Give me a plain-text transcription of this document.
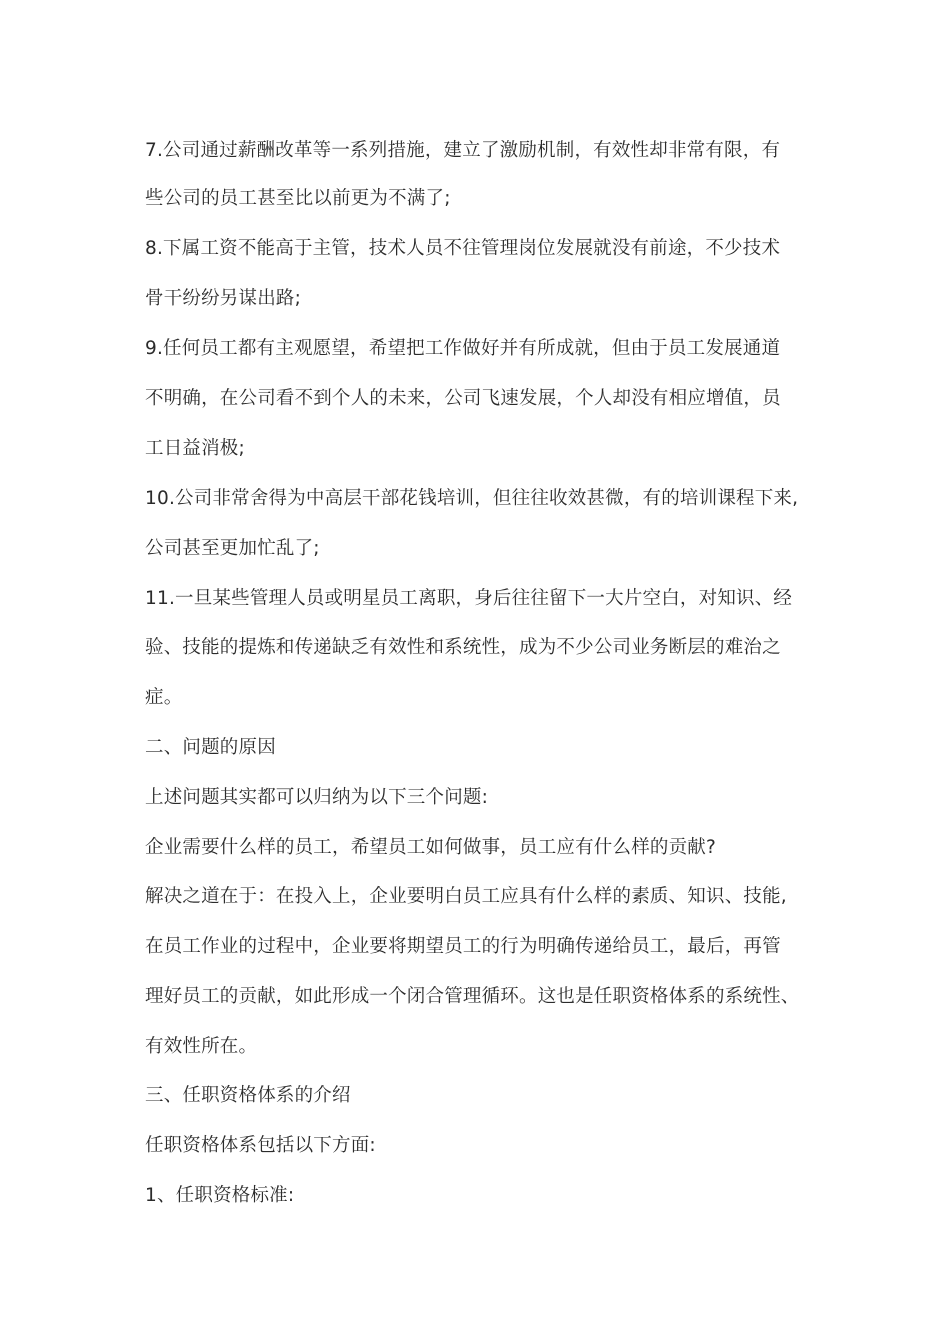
7.公司通过薪酬改革等一系列措施，建立了激励机制，有效性却非常有限，有
些公司的员工甚至比以前更为不满了;
8.下属工资不能高于主管，技术人员不往管理岗位发展就没有前途，不少技术
骨干纷纷另谋出路;
9.任何员工都有主观愿望，希望把工作做好并有所成就，但由于员工发展通道
不明确，在公司看不到个人的未来，公司飞速发展，个人却没有相应增值，员
工日益消极;
10.公司非常舍得为中高层干部花钱培训，但往往收效甚微，有的培训课程下来,
公司甚至更加忙乱了;
11.一旦某些管理人员或明星员工离职，身后往往留下一大片空白，对知识、经
验、技能的提炼和传递缺乏有效性和系统性，成为不少公司业务断层的难治之
症。
二、问题的原因
上述问题其实都可以归纳为以下三个问题:
企业需要什么样的员工，希望员工如何做事，员工应有什么样的贡献?
解决之道在于：在投入上，企业要明白员工应具有什么样的素质、知识、技能,
在员工作业的过程中，企业要将期望员工的行为明确传递给员工，最后，再管
理好员工的贡献，如此形成一个闭合管理循环。这也是任职资格体系的系统性、
有效性所在。
三、任职资格体系的介绍
任职资格体系包括以下方面:
1、任职资格标准:
